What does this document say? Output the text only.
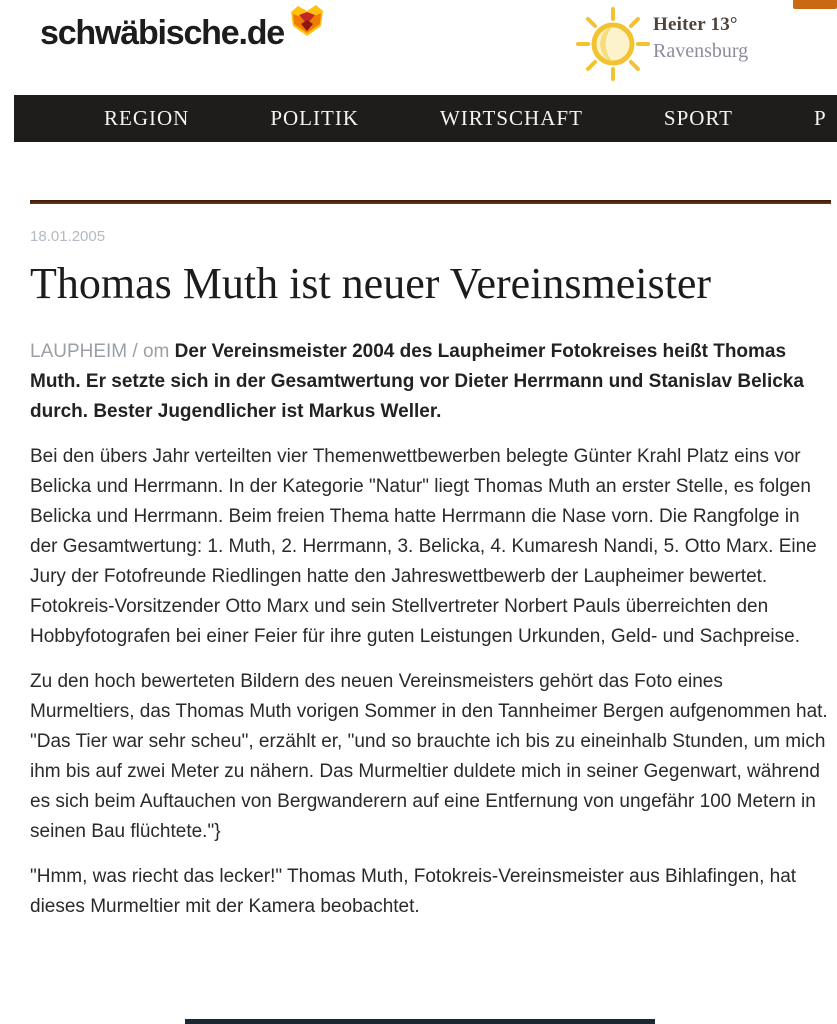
schwäbische.de	Heiter 13°
Ravensburg
REGION	POLITIK	WIRTSCHAFT	SPORT	P
18.01.2005
Thomas Muth ist neuer Vereinsmeister

LAUPHEIM / om Der Vereinsmeister 2004 des Laupheimer Fotokreises heißt Thomas Muth. Er setzte sich in der Gesamtwertung vor Dieter Herrmann und Stanislav Belicka durch. Bester Jugendlicher ist Markus Weller.

Bei den übers Jahr verteilten vier Themenwettbewerben belegte Günter Krahl Platz eins vor Belicka und Herrmann. In der Kategorie "Natur" liegt Thomas Muth an erster Stelle, es folgen Belicka und Herrmann. Beim freien Thema hatte Herrmann die Nase vorn. Die Rangfolge in der Gesamtwertung: 1. Muth, 2. Herrmann, 3. Belicka, 4. Kumaresh Nandi, 5. Otto Marx. Eine Jury der Fotofreunde Riedlingen hatte den Jahreswettbewerb der Laupheimer bewertet. Fotokreis-Vorsitzender Otto Marx und sein Stellvertreter Norbert Pauls überreichten den Hobbyfotografen bei einer Feier für ihre guten Leistungen Urkunden, Geld- und Sachpreise.

Zu den hoch bewerteten Bildern des neuen Vereinsmeisters gehört das Foto eines Murmeltiers, das Thomas Muth vorigen Sommer in den Tannheimer Bergen aufgenommen hat. "Das Tier war sehr scheu", erzählt er, "und so brauchte ich bis zu eineinhalb Stunden, um mich ihm bis auf zwei Meter zu nähern. Das Murmeltier duldete mich in seiner Gegenwart, während es sich beim Auftauchen von Bergwanderern auf eine Entfernung von ungefähr 100 Metern in seinen Bau flüchtete."}

"Hmm, was riecht das lecker!" Thomas Muth, Fotokreis-Vereinsmeister aus Bihlafingen, hat dieses Murmeltier mit der Kamera beobachtet.
